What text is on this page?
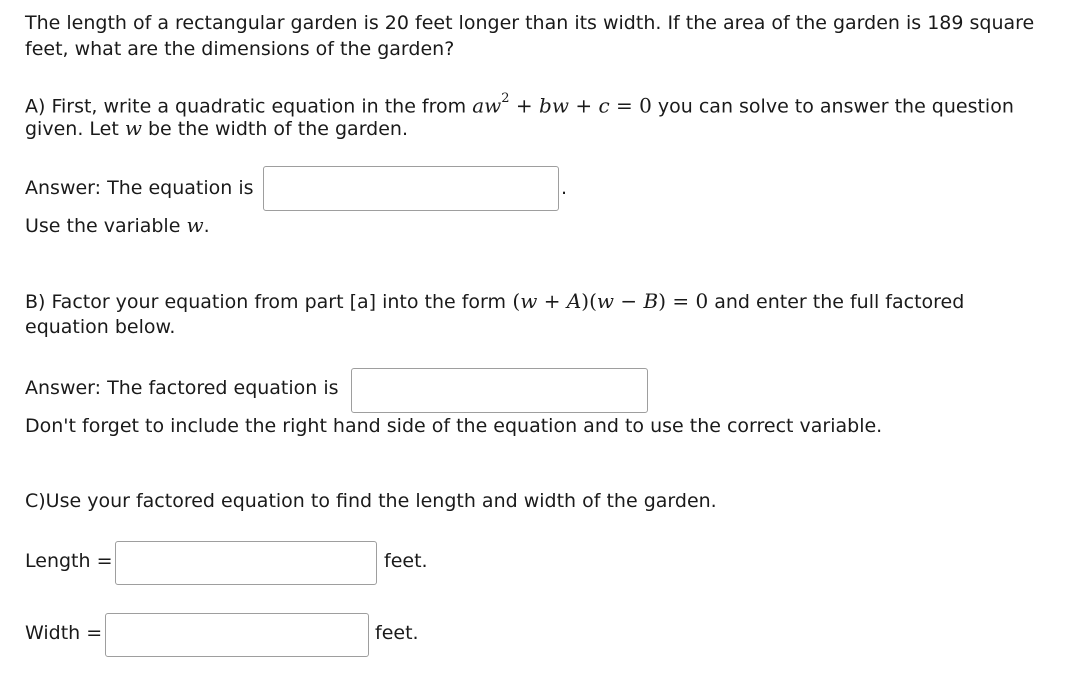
The length of a rectangular garden is 20 feet longer than its width. If the area of the garden is 189 square
feet, what are the dimensions of the garden?
A) First, write a quadratic equation in the from $aw^2$ + bw + c = 0 you can solve to answer the question
given. Let w be the width of the garden.
Answer: The equation is	.
Use the variable w.
B) Factor your equation from part [a] into the form (w + A)(w − B) = 0 and enter the full factored
equation below.
Answer: The factored equation is
Don't forget to include the right hand side of the equation and to use the correct variable.
C)Use your factored equation to find the length and width of the garden.
Length =	feet.
Width =	feet.
